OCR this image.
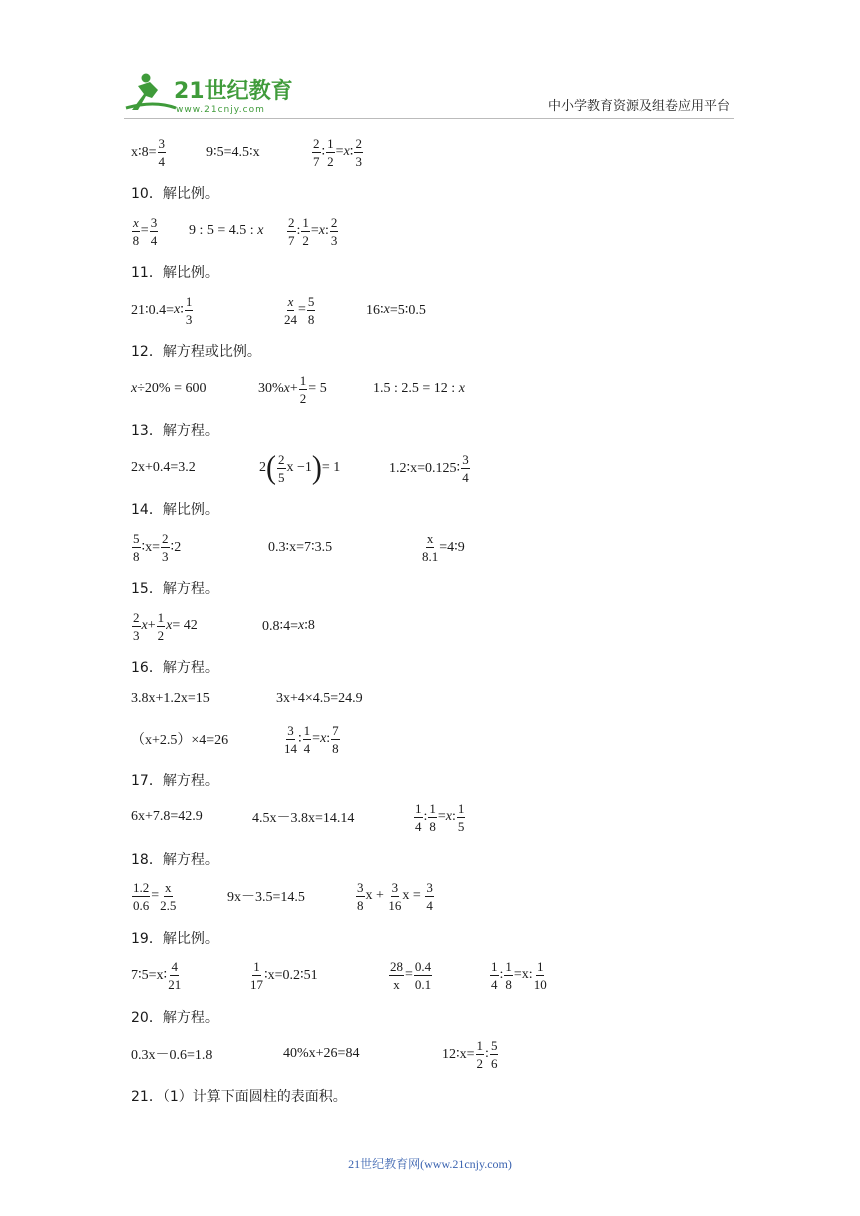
21世纪教育
www.21cnjy.com	中小学教育资源及组卷应用平台
x∶8= $\frac{3}{4}$	9∶5=4.5∶x
2
7
∶ $\frac{1}{2} = x$ ∶
2
3
10．解比例。
$\frac{x}{8} = \frac{3}{4} 9$ : 5 = 4.5 : x
2
7
: $\frac{1}{2} = x$ :
2
3
11．解比例。
21∶0.4= x ∶
1
3	$\frac{x}{24} = \frac{5}{8}$	16∶ x =5∶0.5
12．解方程或比例。
x ÷ 20% = 600	30% $x + \frac{1}{2} = 5$	1.5 : 2.5 = 12 : x
13．解方程。
2x+0.4=3.2	2 ( 2
5
x −1 ) = 1	1.2∶x=0.125∶
3
4
14．解比例。
5
8
∶x= $\frac{2}{3}$ ∶2	0.3∶x=7∶3.5	$\frac{x}{8.1}$ =4∶9
15．解方程。
2
3
$x + \frac{1}{2}$ x = 42	0.8∶4= x ∶ 8
16．解方程。
3.8x+1.2x=15	3x+4×4.5=24.9
（x+2.5）×4=26
3
14
∶ $\frac{1}{4} = x$ :
7
8
17．解方程。
6x+7.8=42.9	4.5x－3.8x=14.14
1
4
: $\frac{1}{8} = x$ :
1
5
18．解方程。
$\frac{1.2}{0.6} = \frac{x}{2.5}$	9x－3.5=14.5
3
8
$x + \frac{3}{16}$ $x = \frac{3}{4}$
19．解比例。
7∶5=x∶
4
21
1
17
∶x=0.2∶51	$\frac{28}{x} = \frac{0.4}{0.1}$	1
4
: $\frac{1}{8} = x$ :
1
10
20．解方程。
0.3x－0.6=1.8	40%x+26=84	12∶x= $\frac{1}{2}$ :
5
6
21．（1）计算下面圆柱的表面积。
21世纪教育网(www.21cnjy.com)
